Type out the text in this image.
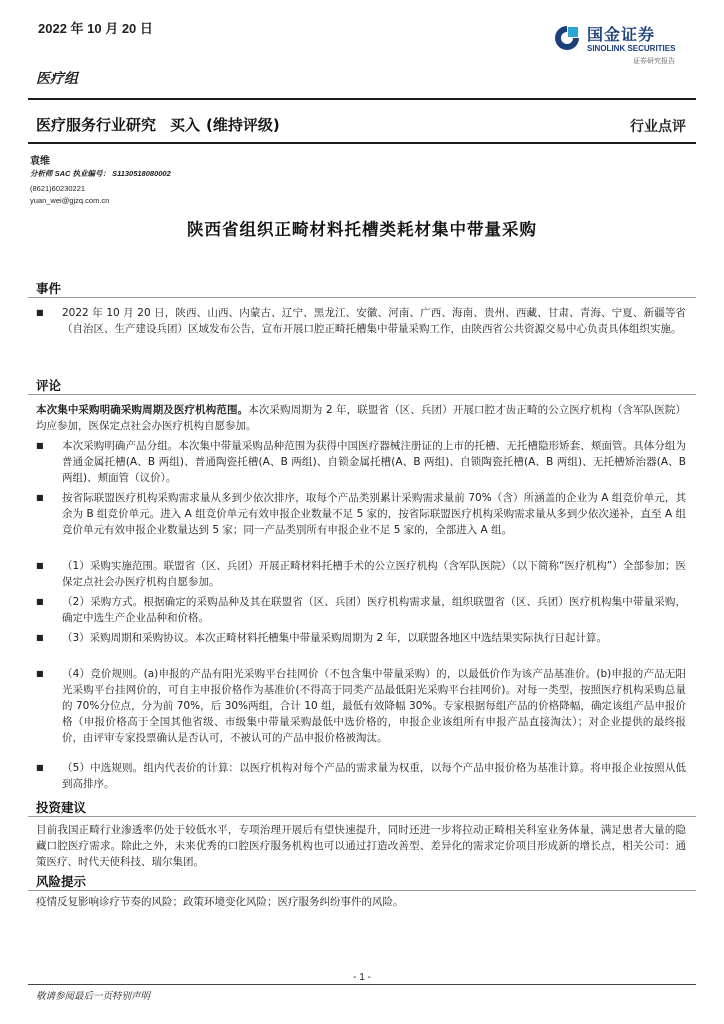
2022 年 10 月 20 日	国金证券
SINOLINK SECURITIES
证券研究报告
医疗组
医疗服务行业研究 买入 (维持评级)	行业点评
袁维
分析师 SAC 执业编号： S1130518080002
(8621)60230221
yuan_wei@gjzq.com.cn
陕西省组织正畸材料托槽类耗材集中带量采购
事件
■ 2022 年 10 月 20 日，陕西、山西、内蒙古、辽宁、黑龙江、安徽、河南、广西、海南、贵州、西藏、甘肃、青海、宁夏、新疆等省（自治区、生产建设兵团）区域发布公告，宣布开展口腔正畸托槽集中带量采购工作，由陕西省公共资源交易中心负责具体组织实施。
评论
本次集中采购明确采购周期及医疗机构范围。本次采购周期为 2 年，联盟省（区、兵团）开展口腔才齿正畸的公立医疗机构（含军队医院）均应参加，医保定点社会办医疗机构自愿参加。
■ 本次采购明确产品分组。本次集中带量采购品种范围为获得中国医疗器械注册证的上市的托槽、无托槽隐形矫套、颊面管。具体分组为普通金属托槽(A、B 两组)、普通陶瓷托槽(A、B 两组)、自锁金属托槽(A、B 两组)、自锁陶瓷托槽(A、B 两组)、无托槽矫治器(A、B 两组)、颊面管（议价）。
■ 按省际联盟医疗机构采购需求量从多到少依次排序，取每个产品类别累计采购需求量前 70%（含）所涵盖的企业为 A 组竞价单元，其余为 B 组竞价单元。进入 A 组竞价单元有效申报企业数量不足 5 家的，按省际联盟医疗机构采购需求量从多到少依次递补，直至 A 组竞价单元有效申报企业数量达到 5 家；同一产品类别所有申报企业不足 5 家的，全部进入 A 组。
■ （1）采购实施范围。联盟省（区、兵团）开展正畸材料托槽手术的公立医疗机构（含军队医院）（以下简称“医疗机构”）全部参加；医保定点社会办医疗机构自愿参加。
■ （2）采购方式。根据确定的采购品种及其在联盟省（区、兵团）医疗机构需求量，组织联盟省（区、兵团）医疗机构集中带量采购，确定中选生产企业品种和价格。
■ （3）采购周期和采购协议。本次正畸材料托槽集中带量采购周期为 2 年，以联盟各地区中选结果实际执行日起计算。
■ （4）竞价规则。(a)申报的产品有阳光采购平台挂网价（不包含集中带量采购）的，以最低价作为该产品基准价。(b)申报的产品无阳光采购平台挂网价的，可自主申报价格作为基准价(不得高于同类产品最低阳光采购平台挂网价)。对每一类型，按照医疗机构采购总量的 70%分位点，分为前 70%，后 30%两组，合计 10 组，最低有效降幅 30%。专家根据每组产品的价格降幅，确定该组产品申报价格（申报价格高于全国其他省级、市级集中带量采购最低中选价格的，申报企业该组所有申报产品直接淘汰）；对企业提供的最终报价，由评审专家投票确认是否认可，不被认可的产品申报价格被淘汰。
■ （5）中选规则。组内代表价的计算：以医疗机构对每个产品的需求量为权重，以每个产品申报价格为基准计算。将申报企业按照从低到高排序。
投资建议
目前我国正畸行业渗透率仍处于较低水平，专项治理开展后有望快速提升，同时还进一步将拉动正畸相关科室业务体量，满足患者大量的隐藏口腔医疗需求。除此之外，未来优秀的口腔医疗服务机构也可以通过打造改善型、差异化的需求定价项目形成新的增长点，相关公司：通策医疗、时代天使科技、瑞尔集团。
风险提示
疫情反复影响诊疗节奏的风险；政策环境变化风险；医疗服务纠纷事件的风险。
- 1 -
敬请参阅最后一页特别声明
